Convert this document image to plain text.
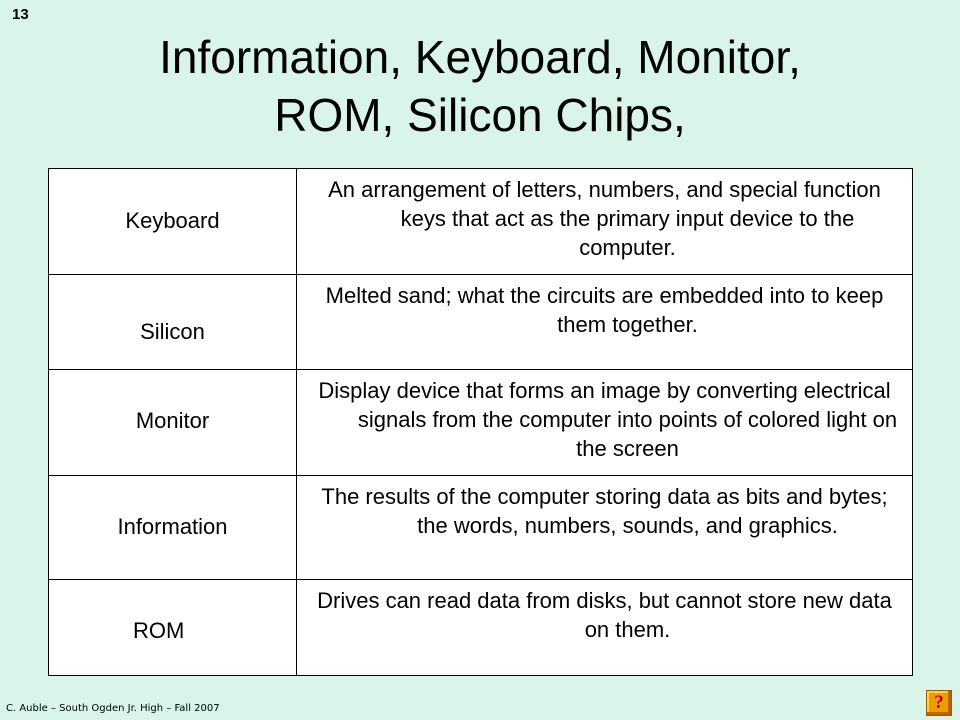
13
Information, Keyboard, Monitor,
ROM, Silicon Chips,
Keyboard	An arrangement of letters, numbers, and special function keys that act as the primary input device to the computer.

Silicon	Melted sand; what the circuits are embedded into to keep them together.

Monitor	Display device that forms an image by converting electrical signals from the computer into points of colored light on the screen

Information	The results of the computer storing data as bits and bytes; the words, numbers, sounds, and graphics.

ROM	Drives can read data from disks, but cannot store new data on them.
C. Auble – South Ogden Jr. High – Fall 2007	?
